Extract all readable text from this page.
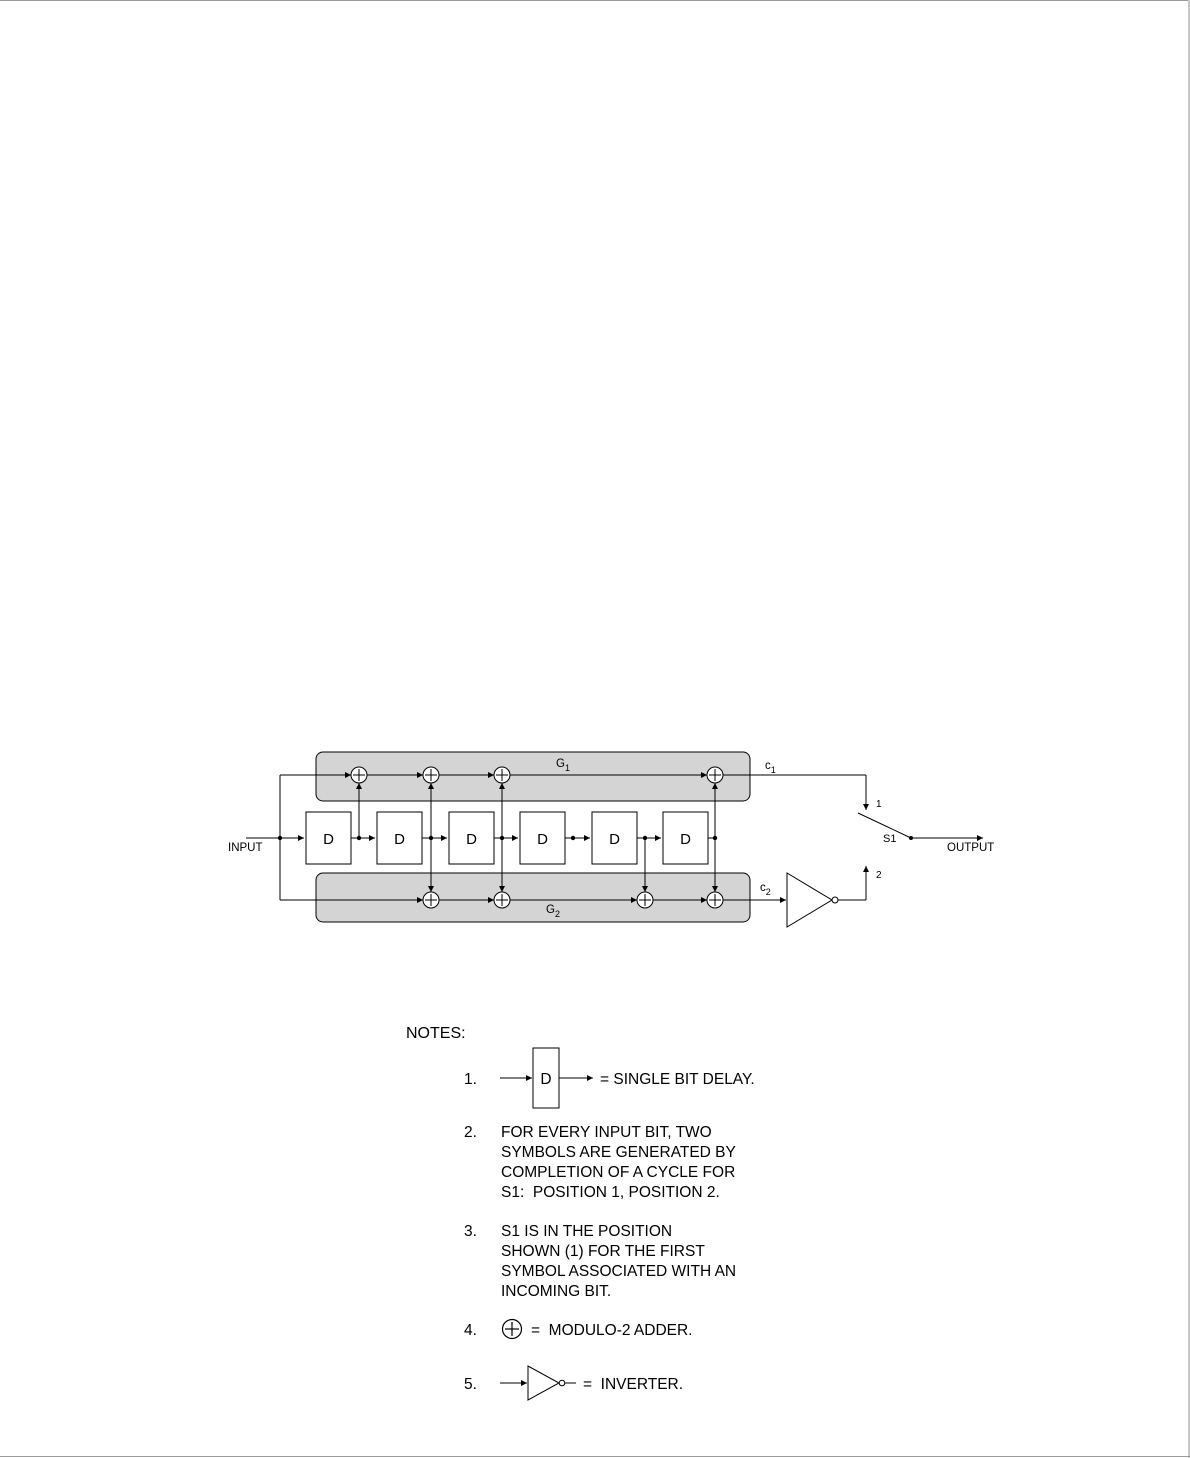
D	D	D	D	D	D
INPUT	OUTPUT
$G_1$
$G_2$
$c_1$
$c_2$
S1
1
2
NOTES:
1.	D	= SINGLE BIT DELAY.
2. FOR EVERY INPUT BIT, TWO
SYMBOLS ARE GENERATED BY
COMPLETION OF A CYCLE FOR
S1:  POSITION 1, POSITION 2.
3. S1 IS IN THE POSITION
SHOWN (1) FOR THE FIRST
SYMBOL ASSOCIATED WITH AN
INCOMING BIT.
4.	=  MODULO-2 ADDER.
5.	=  INVERTER.
